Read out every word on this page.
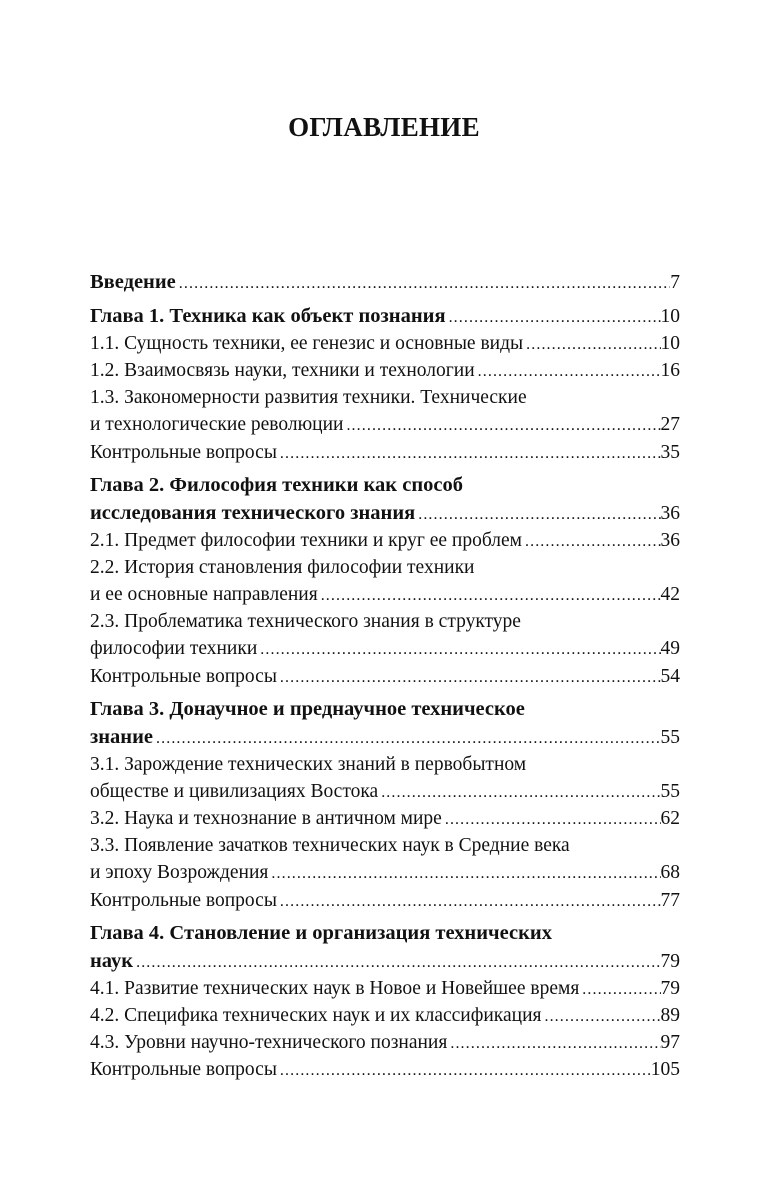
ОГЛАВЛЕНИЕ
Введение .....	7
Глава 1. Техника как объект познания .....	10
1.1. Сущность техники, ее генезис и основные виды .....	10
1.2. Взаимосвязь науки, техники и технологии .....	16
1.3. Закономерности развития техники. Технические
и технологические революции .....	27
Контрольные вопросы .....	35
Глава 2. Философия техники как способ
исследования технического знания .....	36
2.1. Предмет философии техники и круг ее проблем .....	36
2.2. История становления философии техники
и ее основные направления .....	42
2.3. Проблематика технического знания в структуре
философии техники .....	49
Контрольные вопросы .....	54
Глава 3. Донаучное и преднаучное техническое
знание .....	55
3.1. Зарождение технических знаний в первобытном
обществе и цивилизациях Востока .....	55
3.2. Наука и технознание в античном мире .....	62
3.3. Появление зачатков технических наук в Средние века
и эпоху Возрождения .....	68
Контрольные вопросы .....	77
Глава 4. Становление и организация технических
наук .....	79
4.1. Развитие технических наук в Новое и Новейшее время .....	79
4.2. Специфика технических наук и их классификация .....	89
4.3. Уровни научно-технического познания .....	97
Контрольные вопросы .....	105
